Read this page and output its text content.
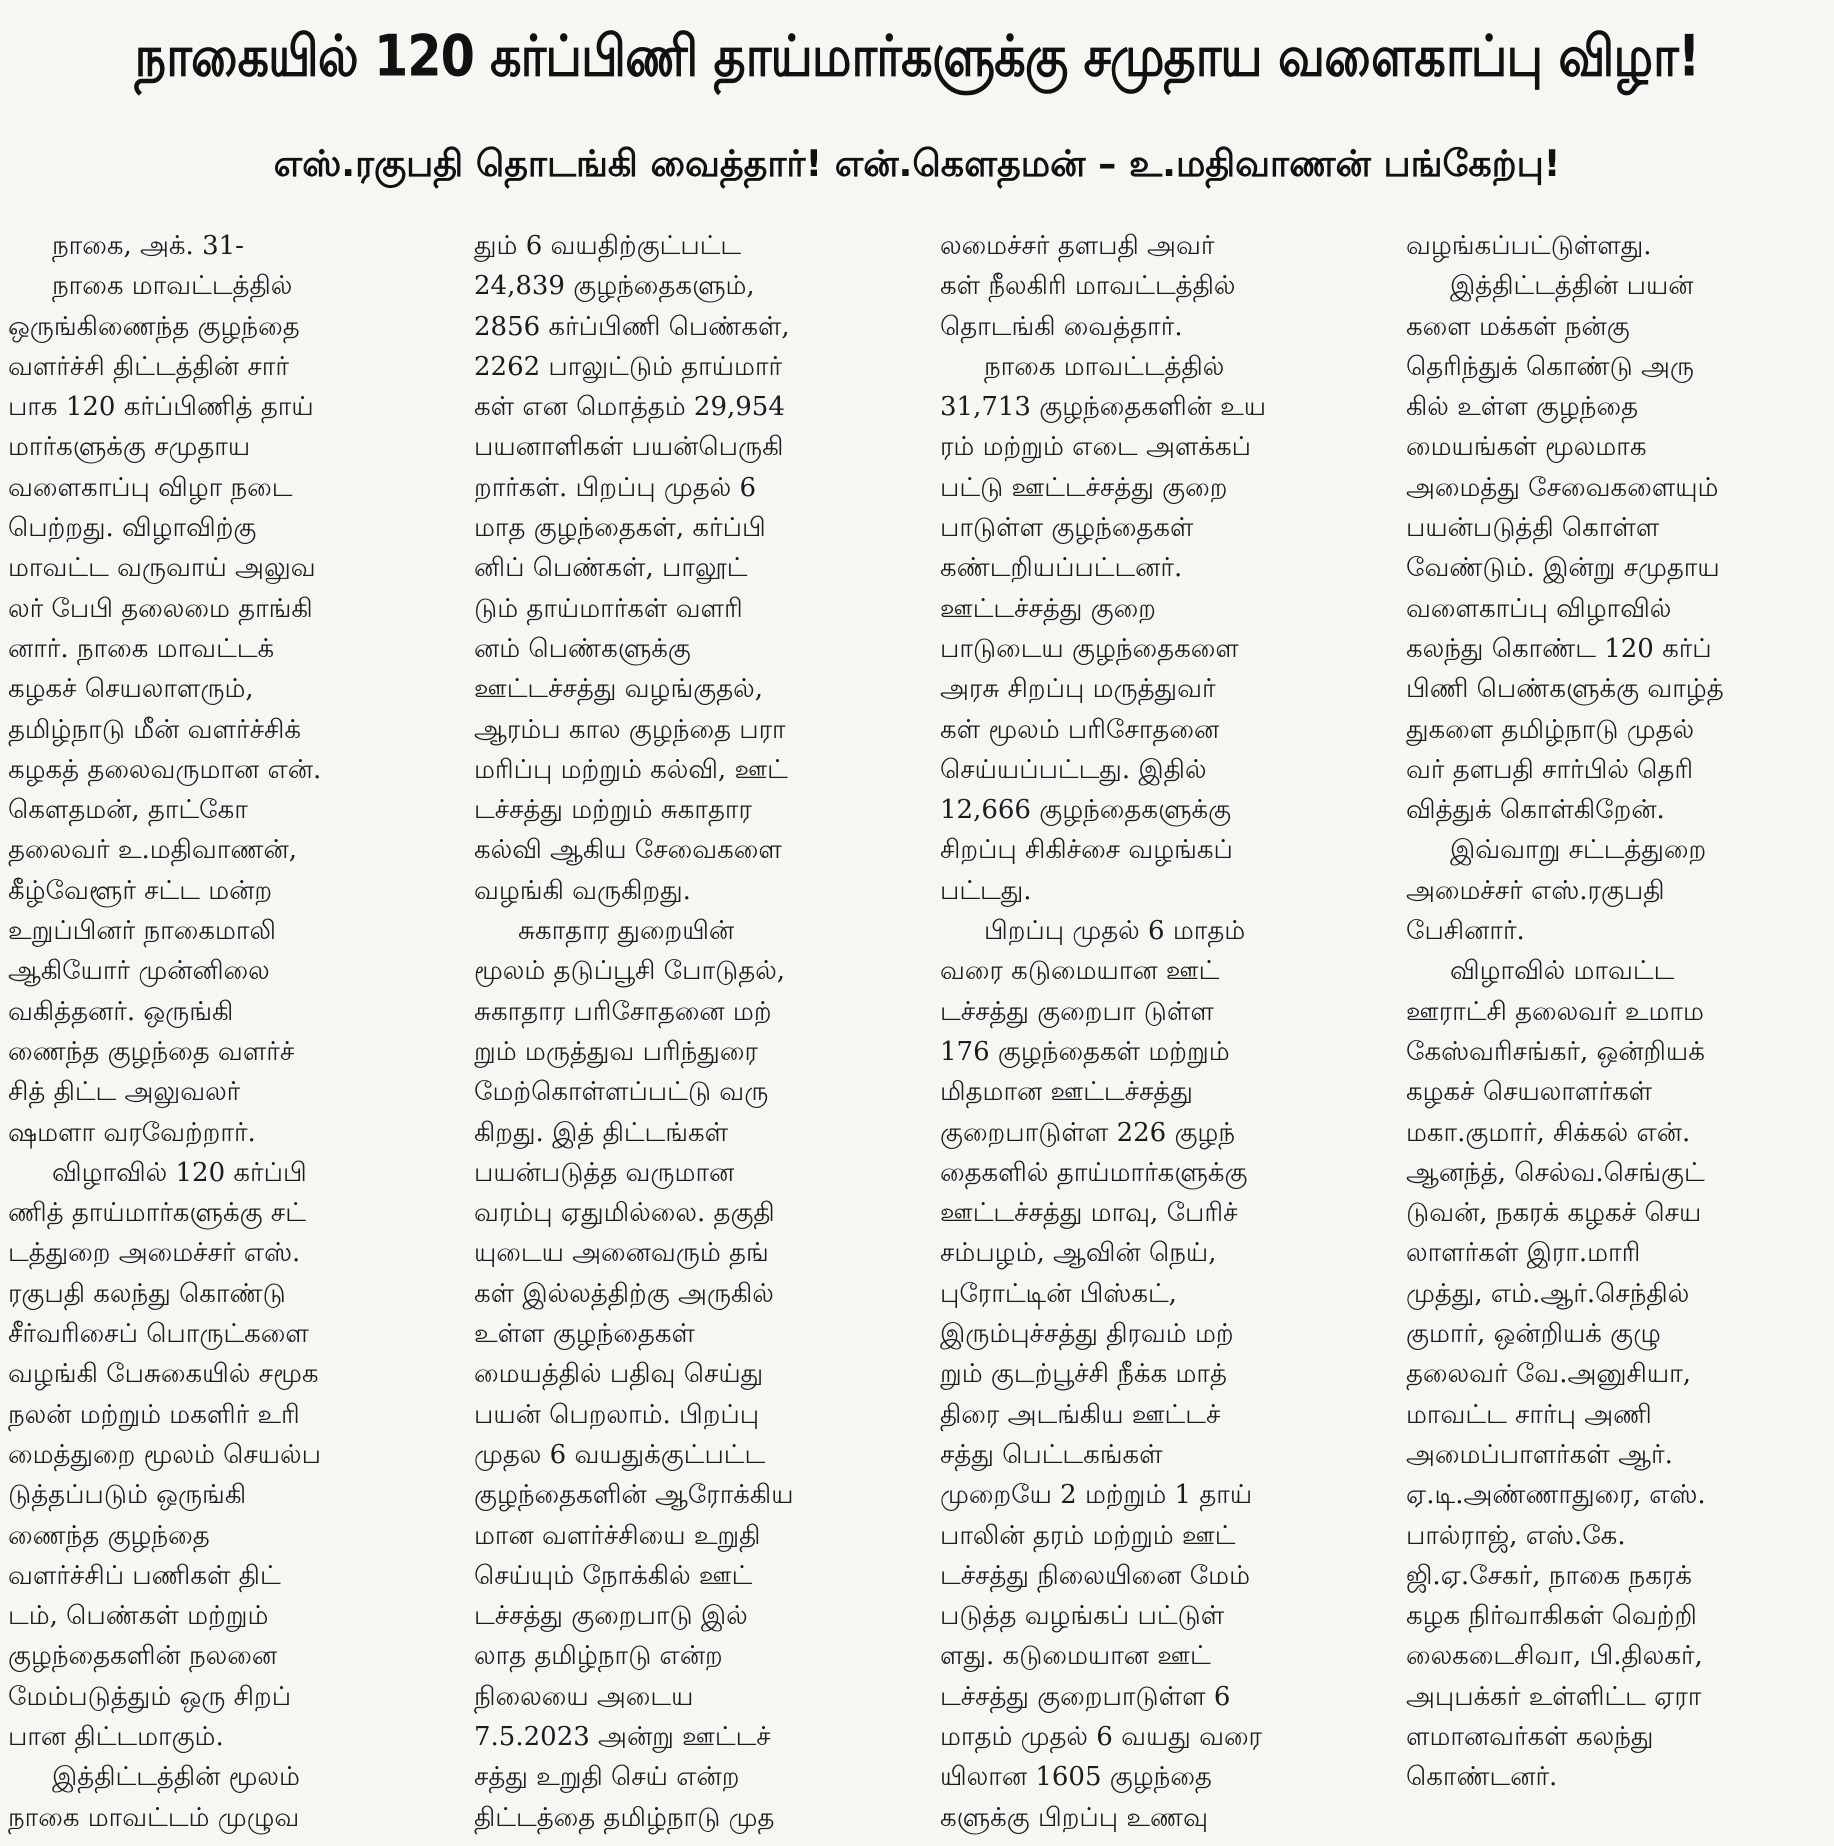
நாகையில் 120 கர்ப்பிணி தாய்மார்களுக்கு சமுதாய வளைகாப்பு விழா!
எஸ்.ரகுபதி தொடங்கி வைத்தார்! என்.கௌதமன் – உ.மதிவாணன் பங்கேற்பு!
நாகை, அக். 31-
நாகை மாவட்டத்தில்
ஒருங்கிணைந்த குழந்தை
வளர்ச்சி திட்டத்தின் சார்
பாக 120 கர்ப்பிணித் தாய்
மார்களுக்கு சமுதாய
வளைகாப்பு விழா நடை
பெற்றது. விழாவிற்கு
மாவட்ட வருவாய் அலுவ
லர் பேபி தலைமை தாங்கி
னார். நாகை மாவட்டக்
கழகச் செயலாளரும்,
தமிழ்நாடு மீன் வளர்ச்சிக்
கழகத் தலைவருமான என்.
கௌதமன், தாட்கோ
தலைவர் உ.மதிவாணன்,
கீழ்வேளூர் சட்ட மன்ற
உறுப்பினர் நாகைமாலி
ஆகியோர் முன்னிலை
வகித்தனர். ஒருங்கி
ணைந்த குழந்தை வளர்ச்
சித் திட்ட அலுவலர்
ஷமளா வரவேற்றார்.
விழாவில் 120 கர்ப்பி
ணித் தாய்மார்களுக்கு சட்
டத்துறை அமைச்சர் எஸ்.
ரகுபதி கலந்து கொண்டு
சீர்வரிசைப் பொருட்களை
வழங்கி பேசுகையில் சமூக
நலன் மற்றும் மகளிர் உரி
மைத்துறை மூலம் செயல்ப
டுத்தப்படும் ஒருங்கி
ணைந்த குழந்தை
வளர்ச்சிப் பணிகள் திட்
டம், பெண்கள் மற்றும்
குழந்தைகளின் நலனை
மேம்படுத்தும் ஒரு சிறப்
பான திட்டமாகும்.
இத்திட்டத்தின் மூலம்
நாகை மாவட்டம் முழுவ
தும் 6 வயதிற்குட்பட்ட
24,839 குழந்தைகளும்,
2856 கர்ப்பிணி பெண்கள்,
2262 பாலுட்டும் தாய்மார்
கள் என மொத்தம் 29,954
பயனாளிகள் பயன்பெருகி
றார்கள். பிறப்பு முதல் 6
மாத குழந்தைகள், கர்ப்பி
னிப் பெண்கள், பாலூட்
டும் தாய்மார்கள் வளரி
னம் பெண்களுக்கு
ஊட்டச்சத்து வழங்குதல்,
ஆரம்ப கால குழந்தை பரா
மரிப்பு மற்றும் கல்வி, ஊட்
டச்சத்து மற்றும் சுகாதார
கல்வி ஆகிய சேவைகளை
வழங்கி வருகிறது.
சுகாதார துறையின்
மூலம் தடுப்பூசி போடுதல்,
சுகாதார பரிசோதனை மற்
றும் மருத்துவ பரிந்துரை
மேற்கொள்ளப்பட்டு வரு
கிறது. இத் திட்டங்கள்
பயன்படுத்த வருமான
வரம்பு ஏதுமில்லை. தகுதி
யுடைய அனைவரும் தங்
கள் இல்லத்திற்கு அருகில்
உள்ள குழந்தைகள்
மையத்தில் பதிவு செய்து
பயன் பெறலாம். பிறப்பு
முதல 6 வயதுக்குட்பட்ட
குழந்தைகளின் ஆரோக்கிய
மான வளர்ச்சியை உறுதி
செய்யும் நோக்கில் ஊட்
டச்சத்து குறைபாடு இல்
லாத தமிழ்நாடு என்ற
நிலையை அடைய
7.5.2023 அன்று ஊட்டச்
சத்து உறுதி செய் என்ற
திட்டத்தை தமிழ்நாடு முத
லமைச்சர் தளபதி அவர்
கள் நீலகிரி மாவட்டத்தில்
தொடங்கி வைத்தார்.
நாகை மாவட்டத்தில்
31,713 குழந்தைகளின் உய
ரம் மற்றும் எடை அளக்கப்
பட்டு ஊட்டச்சத்து குறை
பாடுள்ள குழந்தைகள்
கண்டறியப்பட்டனர்.
ஊட்டச்சத்து குறை
பாடுடைய குழந்தைகளை
அரசு சிறப்பு மருத்துவர்
கள் மூலம் பரிசோதனை
செய்யப்பட்டது. இதில்
12,666 குழந்தைகளுக்கு
சிறப்பு சிகிச்சை வழங்கப்
பட்டது.
பிறப்பு முதல் 6 மாதம்
வரை கடுமையான ஊட்
டச்சத்து குறைபா டுள்ள
176 குழந்தைகள் மற்றும்
மிதமான ஊட்டச்சத்து
குறைபாடுள்ள 226 குழந்
தைகளில் தாய்மார்களுக்கு
ஊட்டச்சத்து மாவு, பேரிச்
சம்பழம், ஆவின் நெய்,
புரோட்டின் பிஸ்கட்,
இரும்புச்சத்து திரவம் மற்
றும் குடற்பூச்சி நீக்க மாத்
திரை அடங்கிய ஊட்டச்
சத்து பெட்டகங்கள்
முறையே 2 மற்றும் 1 தாய்
பாலின் தரம் மற்றும் ஊட்
டச்சத்து நிலையினை மேம்
படுத்த வழங்கப் பட்டுள்
ளது. கடுமையான ஊட்
டச்சத்து குறைபாடுள்ள 6
மாதம் முதல் 6 வயது வரை
யிலான 1605 குழந்தை
களுக்கு பிறப்பு உணவு
வழங்கப்பட்டுள்ளது.
இத்திட்டத்தின் பயன்
களை மக்கள் நன்கு
தெரிந்துக் கொண்டு அரு
கில் உள்ள குழந்தை
மையங்கள் மூலமாக
அமைத்து சேவைகளையும்
பயன்படுத்தி கொள்ள
வேண்டும். இன்று சமுதாய
வளைகாப்பு விழாவில்
கலந்து கொண்ட 120 கர்ப்
பிணி பெண்களுக்கு வாழ்த்
துகளை தமிழ்நாடு முதல்
வர் தளபதி சார்பில் தெரி
வித்துக் கொள்கிறேன்.
இவ்வாறு சட்டத்துறை
அமைச்சர் எஸ்.ரகுபதி
பேசினார்.
விழாவில் மாவட்ட
ஊராட்சி தலைவர் உமாம
கேஸ்வரிசங்கர், ஒன்றியக்
கழகச் செயலாளர்கள்
மகா.குமார், சிக்கல் என்.
ஆனந்த், செல்வ.செங்குட்
டுவன், நகரக் கழகச் செய
லாளர்கள் இரா.மாரி
முத்து, எம்.ஆர்.செந்தில்
குமார், ஒன்றியக் குழு
தலைவர் வே.அனுசியா,
மாவட்ட சார்பு அணி
அமைப்பாளர்கள் ஆர்.
ஏ.டி.அண்ணாதுரை, எஸ்.
பால்ராஜ், எஸ்.கே.
ஜி.ஏ.சேகர், நாகை நகரக்
கழக நிர்வாகிகள் வெற்றி
லைகடைசிவா, பி.திலகர்,
அபுபக்கர் உள்ளிட்ட ஏரா
ளமானவர்கள் கலந்து
கொண்டனர்.
